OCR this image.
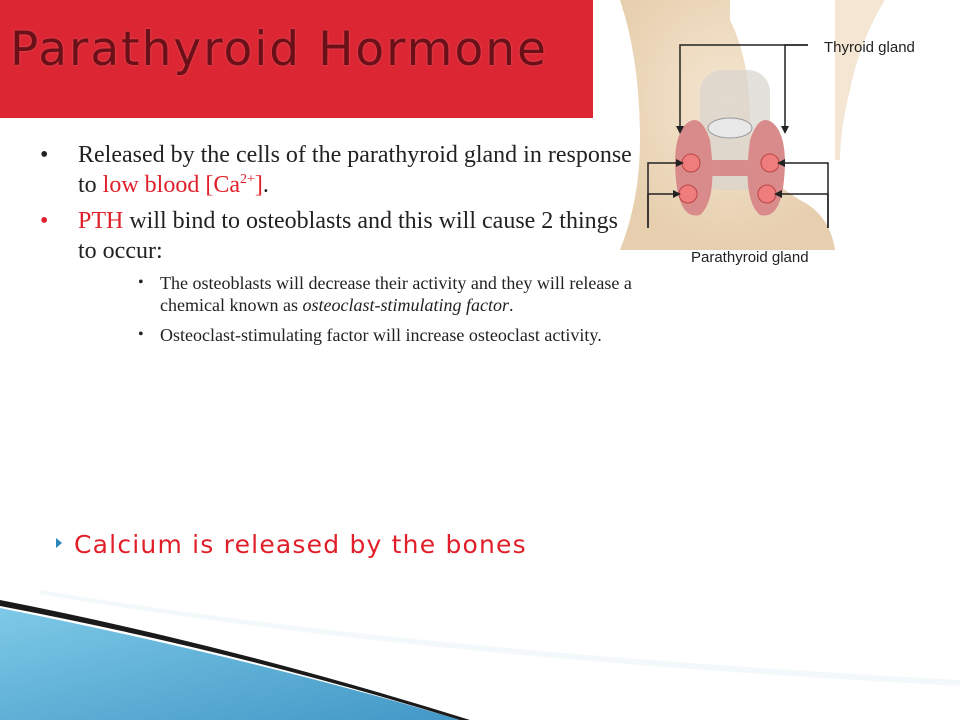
Parathyroid Hormone	Thyroid gland
Parathyroid gland
• Released by the cells of the parathyroid gland in response to low blood $[Ca^{2+}]$.
• PTH will bind to osteoblasts and this will cause 2 things to occur:
• The osteoblasts will decrease their activity and they will release a chemical known as osteoclast-stimulating factor.
• Osteoclast-stimulating factor will increase osteoclast activity.
Calcium is released by the bones
